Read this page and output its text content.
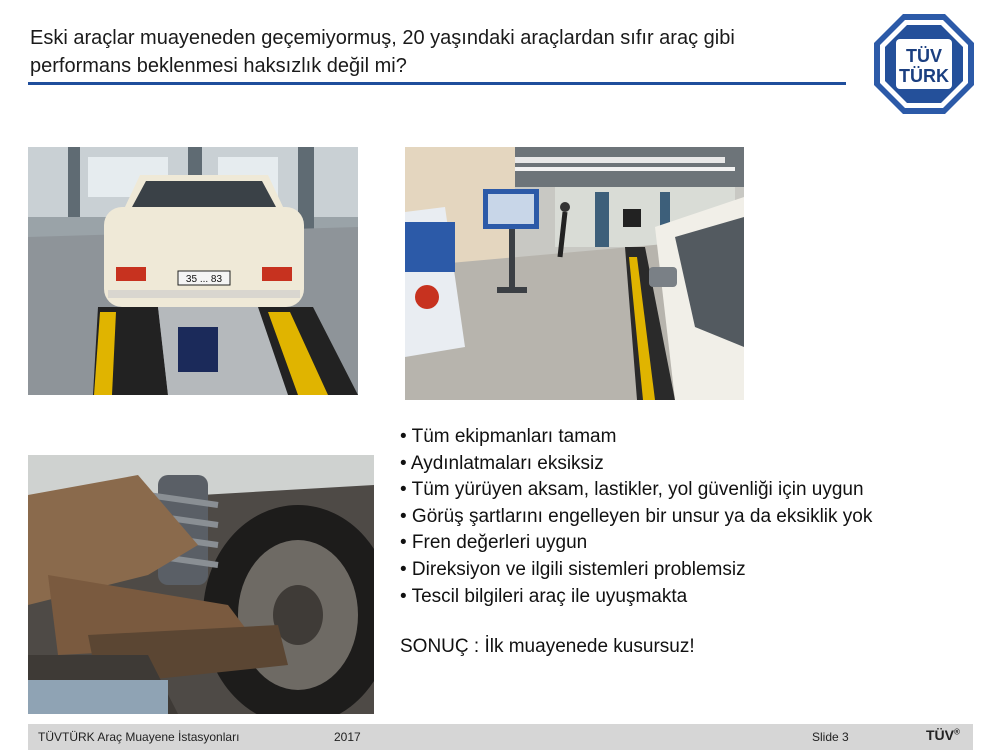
Eski araçlar muayeneden geçemiyormuş, 20 yaşındaki araçlardan sıfır araç gibi performans beklenmesi haksızlık değil mi?	TÜV
TÜRK
35 ... 83
• Tüm ekipmanları tamam
• Aydınlatmaları eksiksiz
• Tüm yürüyen aksam, lastikler, yol güvenliği için uygun
• Görüş şartlarını engelleyen bir unsur ya da eksiklik yok
• Fren değerleri uygun
• Direksiyon ve ilgili sistemleri problemsiz
• Tescil bilgileri araç ile uyuşmakta
SONUÇ : İlk muayenede kusursuz!
TÜVTÜRK Araç Muayene İstasyonları	2017	Slide 3	TÜV®
